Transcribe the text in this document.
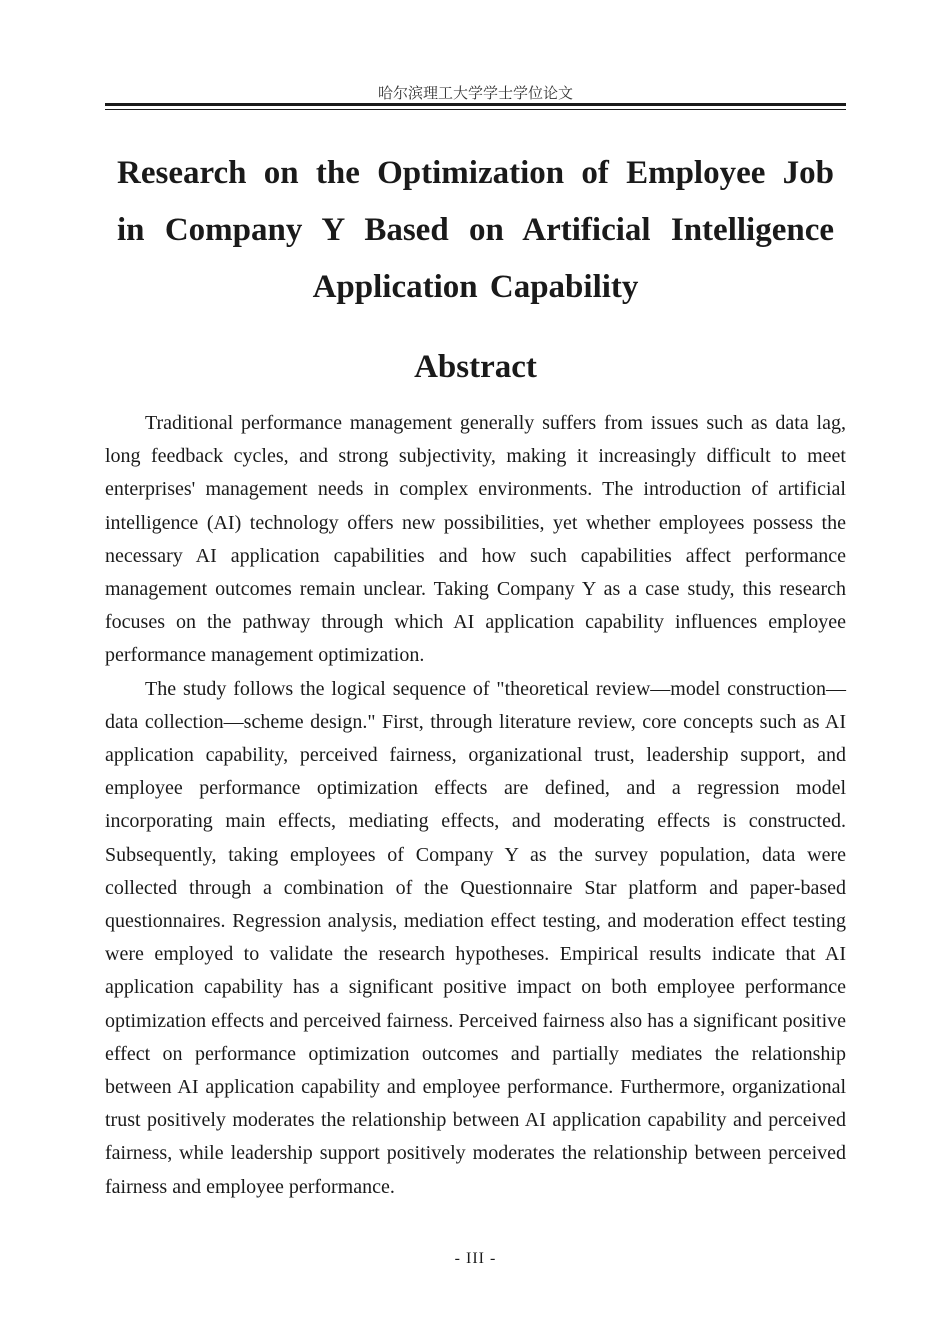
哈尔滨理工大学学士学位论文
Research on the Optimization of Employee Job
in Company Y Based on Artificial Intelligence
Application Capability
Abstract

Traditional performance management generally suffers from issues such as data lag, long feedback cycles, and strong subjectivity, making it increasingly difficult to meet enterprises' management needs in complex environments. The introduction of artificial intelligence (AI) technology offers new possibilities, yet whether employees possess the necessary AI application capabilities and how such capabilities affect performance management outcomes remain unclear. Taking Company Y as a case study, this research focuses on the pathway through which AI application capability influences employee performance management optimization.

The study follows the logical sequence of "theoretical review—model construction—data collection—scheme design." First, through literature review, core concepts such as AI application capability, perceived fairness, organizational trust, leadership support, and employee performance optimization effects are defined, and a regression model incorporating main effects, mediating effects, and moderating effects is constructed. Subsequently, taking employees of Company Y as the survey population, data were collected through a combination of the Questionnaire Star platform and paper-based questionnaires. Regression analysis, mediation effect testing, and moderation effect testing were employed to validate the research hypotheses. Empirical results indicate that AI application capability has a significant positive impact on both employee performance optimization effects and perceived fairness. Perceived fairness also has a significant positive effect on performance optimization outcomes and partially mediates the relationship between AI application capability and employee performance. Furthermore, organizational trust positively moderates the relationship between AI application capability and perceived fairness, while leadership support positively moderates the relationship between perceived fairness and employee performance.

- III -
